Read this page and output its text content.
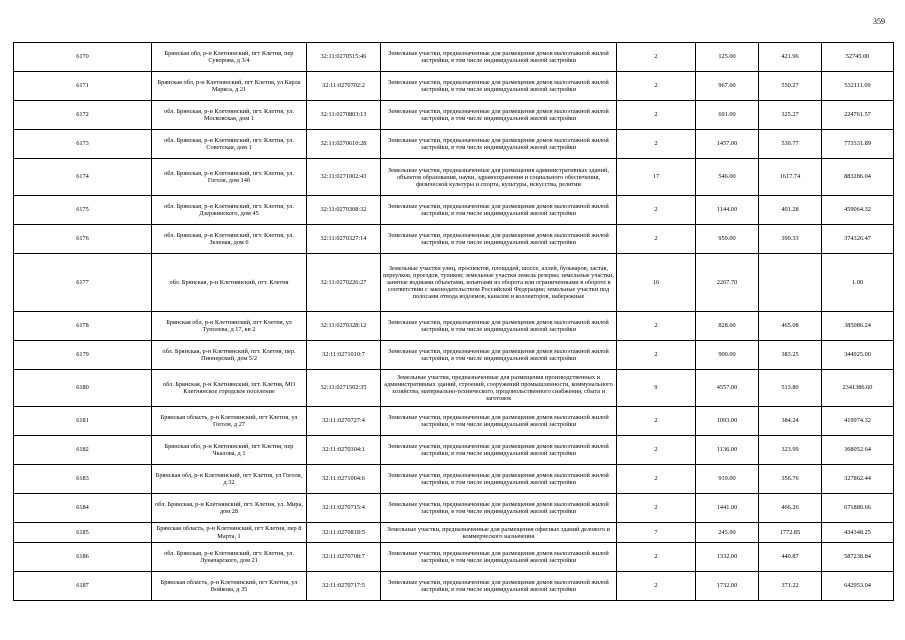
359
6170	Брянская обл, р-н Клетнянский, пгт Клетня, пер Суворова, д 3/4	32:11:0270515:46	Земельные участки, предназначенные для размещения домов малоэтажной жилой застройки, в том числе индивидуальной жилой застройки	2	125.00	421.96	52745.00
6171	Брянская обл, р-н Клетнянский, пгт Клетня, ул Карла Маркса, д 21	32:11:0270702:2	Земельные участки, предназначенные для размещения домов малоэтажной жилой застройки, в том числе индивидуальной жилой застройки	2	967.00	550.27	532111.09
6172	обл. Брянская, р-н Клетнянский, пгт. Клетня, ул. Московская, дом 1	32:11:0270803:13	Земельные участки, предназначенные для размещения домов малоэтажной жилой застройки, в том числе индивидуальной жилой застройки	2	691.00	325.27	224761.57
6173	обл. Брянская, р-н Клетнянский, пгт. Клетня, ул. Советская, дом 1	32:11:0270610:28	Земельные участки, предназначенные для размещения домов малоэтажной жилой застройки, в том числе индивидуальной жилой застройки	2	1457.00	530.77	773331.89
6174	обл. Брянская, р-н Клетнянский, пгт. Клетня, ул. Гоголя, дом 14б	32:11:0271002:43	Земельные участки, предназначенные для размещения административных зданий, объектов образования, науки, здравоохранения и социального обеспечения, физической культуры и спорта, культуры, искусства, религии	17	546.00	1617.74	883286.04
6175	обл. Брянская, р-н Клетнянский, пгт. Клетня, ул. Дзержинского, дом 45	32:11:0270308:32	Земельные участки, предназначенные для размещения домов малоэтажной жилой застройки, в том числе индивидуальной жилой застройки	2	1144.00	401.28	459064.32
6176	обл. Брянская, р-н Клетнянский, пгт. Клетня, ул. Зеленая, дом 6	32:11:0270327:14	Земельные участки, предназначенные для размещения домов малоэтажной жилой застройки, в том числе индивидуальной жилой застройки	2	959.00	390.33	374326.47
6177	обл. Брянская, р-н Клетнянский, пгт. Клетня	32:11:0270226:27	Земельные участки улиц, проспектов, площадей, шоссе, аллей, бульваров, застав, переулков, проездов, тупиков; земельные участки земель резерва; земельные участки, занятые водными объектами, изъятыми из оборота или ограниченными в обороте в соответствии с законодательством Российской Федерации; земельные участки под полосами отвода водоемов, каналов и коллекторов, набережные	16	2267.70		1.00
6178	Брянская обл, р-н Клетнянский, пгт Клетня, ул Туполева, д 17, кв 2	32:11:0270328:12	Земельные участки, предназначенные для размещения домов малоэтажной жилой застройки, в том числе индивидуальной жилой застройки	2	828.00	465.08	385086.24
6179	обл. Брянская, р-н Клетнянский, пгт. Клетня, пер. Пионерский, дом 5/2	32:11:0271010:7	Земельные участки, предназначенные для размещения домов малоэтажной жилой застройки, в том числе индивидуальной жилой застройки	2	900.00	383.25	344925.00
6180	обл. Брянская, р-н Клетнянский, пгт. Клетня, МО Клетнянское городское поселение	32:11:0271502:35	Земельные участки, предназначенные для размещения производственных и административных зданий, строений, сооружений промышленности, коммунального хозяйства, материально-технического, продовольственного снабжения, сбыта и заготовок	9	4557.00	513.80	2341386.60
6181	Брянская область, р-н Клетнянский, пгт Клетня, ул Гоголя, д 27	32:11:0270727:4	Земельные участки, предназначенные для размещения домов малоэтажной жилой застройки, в том числе индивидуальной жилой застройки	2	1093.00	384.24	419974.32
6182	Брянская обл, р-н Клетнянский, пгт Клетня, пер Чкалова, д 1	32:11:0270304:1	Земельные участки, предназначенные для размещения домов малоэтажной жилой застройки, в том числе индивидуальной жилой застройки	2	1136.00	323.99	368052.64
6183	Брянская обл, р-н Клетнянский, пгт Клетня, ул Гоголя, д 32	32:11:0271004:6	Земельные участки, предназначенные для размещения домов малоэтажной жилой застройки, в том числе индивидуальной жилой застройки	2	919.00	356.76	327862.44
6184	обл. Брянская, р-н Клетнянский, пгт. Клетня, ул. Мира, дом 28	32:11:0270715:4	Земельные участки, предназначенные для размещения домов малоэтажной жилой застройки, в том числе индивидуальной жилой застройки	2	1441.00	466.26	671880.66
6185	Брянская область, р-н Клетнянский, пгт Клетня, пер 8 Марта, 1	32:11:0270818:5	Земельные участки, предназначенные для размещения офисных зданий делового и коммерческого назначения	7	245.00	1772.85	434348.25
6186	обл. Брянская, р-н Клетнянский, пгт. Клетня, ул. Луначарского, дом 21	32:11:0270708:7	Земельные участки, предназначенные для размещения домов малоэтажной жилой застройки, в том числе индивидуальной жилой застройки	2	1332.00	440.87	587238.84
6187	Брянская область, р-н Клетнянский, пгт Клетня, ул Войкова, д 35	32:11:0270717:5	Земельные участки, предназначенные для размещения домов малоэтажной жилой застройки, в том числе индивидуальной жилой застройки	2	1732.00	371.22	642953.04
